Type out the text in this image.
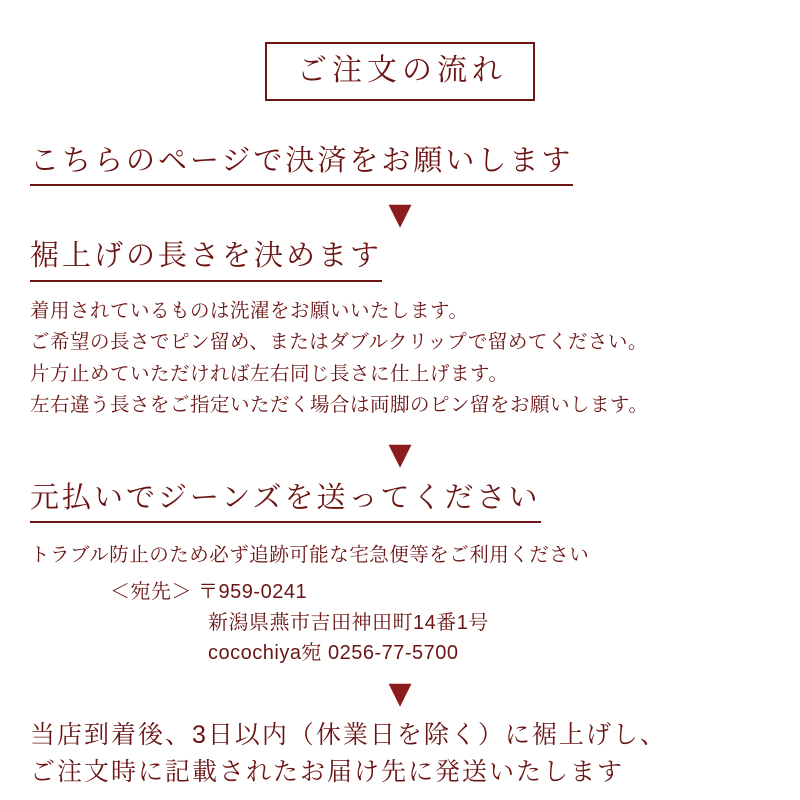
ご注文の流れ
こちらのページで決済をお願いします
▼
裾上げの長さを決めます
着用されているものは洗濯をお願いいたします。
ご希望の長さでピン留め、またはダブルクリップで留めてください。
片方止めていただければ左右同じ長さに仕上げます。
左右違う長さをご指定いただく場合は両脚のピン留をお願いします。
▼
元払いでジーンズを送ってください
トラブル防止のため必ず追跡可能な宅急便等をご利用ください
＜宛先＞ 〒959-0241
新潟県燕市吉田神田町14番1号
cocochiya宛 0256-77-5700
▼
当店到着後、3日以内（休業日を除く）に裾上げし、
ご注文時に記載されたお届け先に発送いたします
